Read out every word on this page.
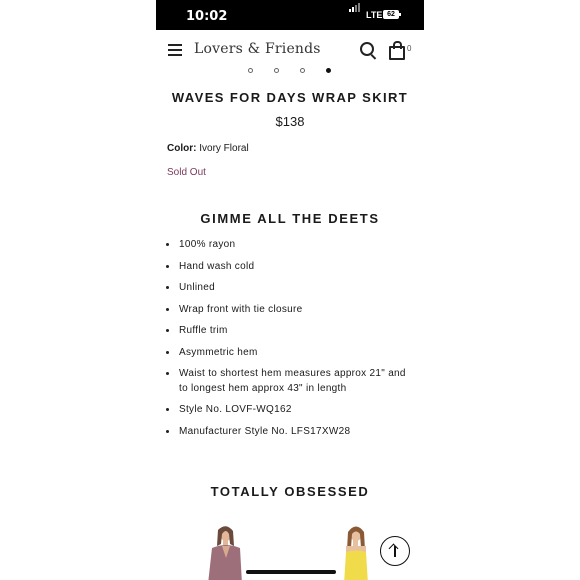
10:02	LTE 62
Lovers & Friends	0
WAVES FOR DAYS WRAP SKIRT
$138
Color: Ivory Floral
Sold Out
GIMME ALL THE DEETS
100% rayon
Hand wash cold
Unlined
Wrap front with tie closure
Ruffle trim
Asymmetric hem
Waist to shortest hem measures approx 21" and to longest hem approx 43" in length
Style No. LOVF-WQ162
Manufacturer Style No. LFS17XW28
TOTALLY OBSESSED
